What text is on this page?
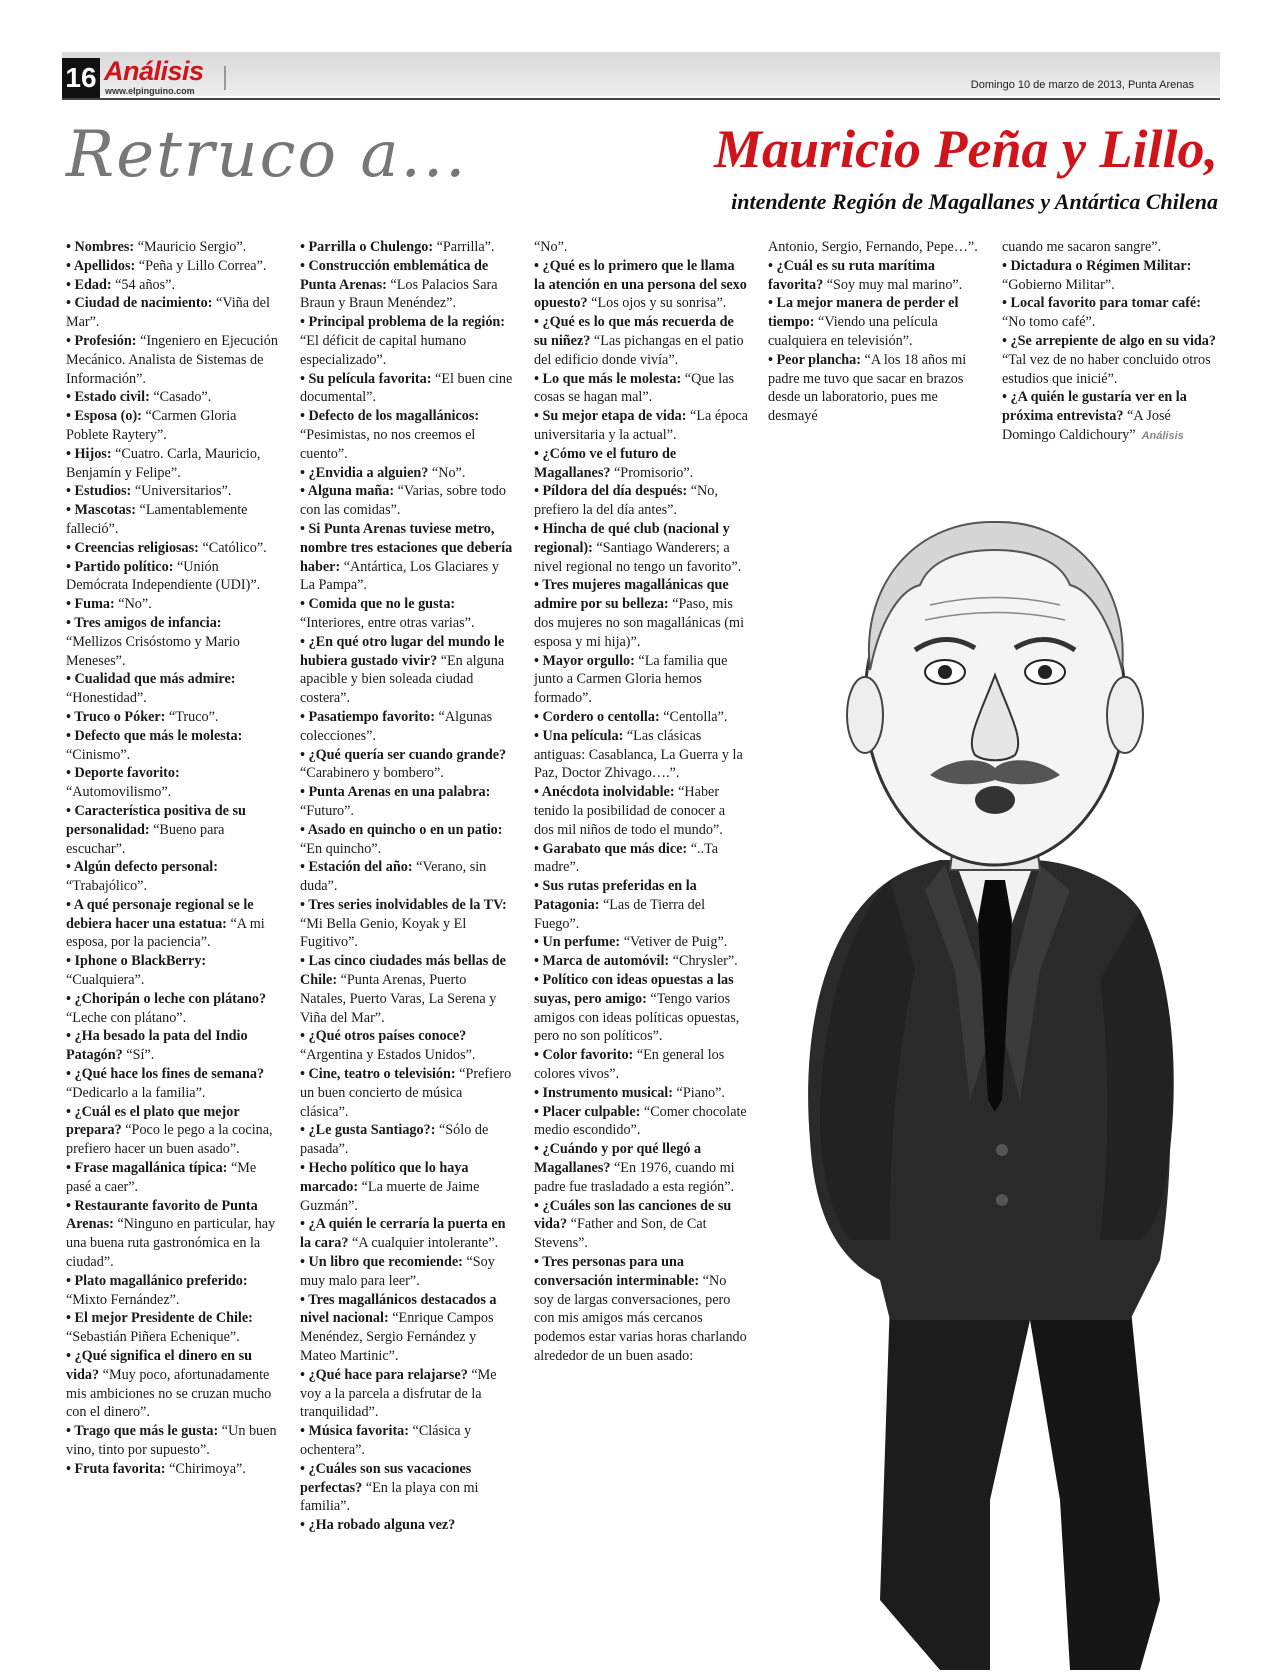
16 Análisis
www.elpinguino.com	Domingo 10 de marzo de 2013, Punta Arenas
Retruco a...	Mauricio Peña y Lillo,
intendente Región de Magallanes y Antártica Chilena

• Nombres: “Mauricio Sergio”.

• Apellidos: “Peña y Lillo Correa”.

• Edad: “54 años”.

• Ciudad de nacimiento: “Viña del Mar”.

• Profesión: “Ingeniero en Ejecución Mecánico. Analista de Sistemas de Información”.

• Estado civil: “Casado”.

• Esposa (o): “Carmen Gloria Poblete Raytery”.

• Hijos: “Cuatro. Carla, Mauricio, Benjamín y Felipe”.

• Estudios: “Universitarios”.

• Mascotas: “Lamentablemente falleció”.

• Creencias religiosas: “Católico”.

• Partido político: “Unión Demócrata Independiente (UDI)”.

• Fuma: “No”.

• Tres amigos de infancia: “Mellizos Crisóstomo y Mario Meneses”.

• Cualidad que más admire: “Honestidad”.

• Truco o Póker: “Truco”.

• Defecto que más le molesta: “Cinismo”.

• Deporte favorito: “Automovilismo”.

• Característica positiva de su personalidad: “Bueno para escuchar”.

• Algún defecto personal: “Trabajólico”.

• A qué personaje regional se le debiera hacer una estatua: “A mi esposa, por la paciencia”.

• Iphone o BlackBerry: “Cualquiera”.

• ¿Choripán o leche con plátano? “Leche con plátano”.

• ¿Ha besado la pata del Indio Patagón? “Sí”.

• ¿Qué hace los fines de semana? “Dedicarlo a la familia”.

• ¿Cuál es el plato que mejor prepara? “Poco le pego a la cocina, prefiero hacer un buen asado”.

• Frase magallánica típica: “Me pasé a caer”.

• Restaurante favorito de Punta Arenas: “Ninguno en particular, hay una buena ruta gastronómica en la ciudad”.

• Plato magallánico preferido: “Mixto Fernández”.

• El mejor Presidente de Chile: “Sebastián Piñera Echenique”.

• ¿Qué significa el dinero en su vida? “Muy poco, afortunadamente mis ambiciones no se cruzan mucho con el dinero”.

• Trago que más le gusta: “Un buen vino, tinto por supuesto”.

• Fruta favorita: “Chirimoya”.

• Parrilla o Chulengo: “Parrilla”.

• Construcción emblemática de Punta Arenas: “Los Palacios Sara Braun y Braun Menéndez”.

• Principal problema de la región: “El déficit de capital humano especializado”.

• Su película favorita: “El buen cine documental”.

• Defecto de los magallánicos: “Pesimistas, no nos creemos el cuento”.

• ¿Envidia a alguien? “No”.

• Alguna maña: “Varias, sobre todo con las comidas”.

• Si Punta Arenas tuviese metro, nombre tres estaciones que debería haber: “Antártica, Los Glaciares y La Pampa”.

• Comida que no le gusta: “Interiores, entre otras varias”.

• ¿En qué otro lugar del mundo le hubiera gustado vivir? “En alguna apacible y bien soleada ciudad costera”.

• Pasatiempo favorito: “Algunas colecciones”.

• ¿Qué quería ser cuando grande? “Carabinero y bombero”.

• Punta Arenas en una palabra: “Futuro”.

• Asado en quincho o en un patio: “En quincho”.

• Estación del año: “Verano, sin duda”.

• Tres series inolvidables de la TV: “Mi Bella Genio, Koyak y El Fugitivo”.

• Las cinco ciudades más bellas de Chile: “Punta Arenas, Puerto Natales, Puerto Varas, La Serena y Viña del Mar”.

• ¿Qué otros países conoce? “Argentina y Estados Unidos”.

• Cine, teatro o televisión: “Prefiero un buen concierto de música clásica”.

• ¿Le gusta Santiago?: “Sólo de pasada”.

• Hecho político que lo haya marcado: “La muerte de Jaime Guzmán”.

• ¿A quién le cerraría la puerta en la cara? “A cualquier intolerante”.

• Un libro que recomiende: “Soy muy malo para leer”.

• Tres magallánicos destacados a nivel nacional: “Enrique Campos Menéndez, Sergio Fernández y Mateo Martinic”.

• ¿Qué hace para relajarse? “Me voy a la parcela a disfrutar de la tranquilidad”.

• Música favorita: “Clásica y ochentera”.

• ¿Cuáles son sus vacaciones perfectas? “En la playa con mi familia”.

• ¿Ha robado alguna vez?

“No”.

• ¿Qué es lo primero que le llama la atención en una persona del sexo opuesto? “Los ojos y su sonrisa”.

• ¿Qué es lo que más recuerda de su niñez? “Las pichangas en el patio del edificio donde vivía”.

• Lo que más le molesta: “Que las cosas se hagan mal”.

• Su mejor etapa de vida: “La época universitaria y la actual”.

• ¿Cómo ve el futuro de Magallanes? “Promisorio”.

• Píldora del día después: “No, prefiero la del día antes”.

• Hincha de qué club (nacional y regional): “Santiago Wanderers; a nivel regional no tengo un favorito”.

• Tres mujeres magallánicas que admire por su belleza: “Paso, mis dos mujeres no son magallánicas (mi esposa y mi hija)”.

• Mayor orgullo: “La familia que junto a Carmen Gloria hemos formado”.

• Cordero o centolla: “Centolla”.

• Una película: “Las clásicas antiguas: Casablanca, La Guerra y la Paz, Doctor Zhivago….”.

• Anécdota inolvidable: “Haber tenido la posibilidad de conocer a dos mil niños de todo el mundo”.

• Garabato que más dice: “..Ta madre”.

• Sus rutas preferidas en la Patagonia: “Las de Tierra del Fuego”.

• Un perfume: “Vetiver de Puig”.

• Marca de automóvil: “Chrysler”.

• Político con ideas opuestas a las suyas, pero amigo: “Tengo varios amigos con ideas políticas opuestas, pero no son políticos”.

• Color favorito: “En general los colores vivos”.

• Instrumento musical: “Piano”.

• Placer culpable: “Comer chocolate medio escondido”.

• ¿Cuándo y por qué llegó a Magallanes? “En 1976, cuando mi padre fue trasladado a esta región”.

• ¿Cuáles son las canciones de su vida? “Father and Son, de Cat Stevens”.

• Tres personas para una conversación interminable: “No soy de largas conversaciones, pero con mis amigos más cercanos podemos estar varias horas charlando alrededor de un buen asado:

Antonio, Sergio, Fernando, Pepe…”.

• ¿Cuál es su ruta marítima favorita? “Soy muy mal marino”.

• La mejor manera de perder el tiempo: “Viendo una película cualquiera en televisión”.

• Peor plancha: “A los 18 años mi padre me tuvo que sacar en brazos desde un laboratorio, pues me desmayé

cuando me sacaron sangre”.

• Dictadura o Régimen Militar: “Gobierno Militar”.

• Local favorito para tomar café: “No tomo café”.

• ¿Se arrepiente de algo en su vida? “Tal vez de no haber concluido otros estudios que inicié”.

• ¿A quién le gustaría ver en la próxima entrevista? “A José Domingo Caldichoury” Análisis
